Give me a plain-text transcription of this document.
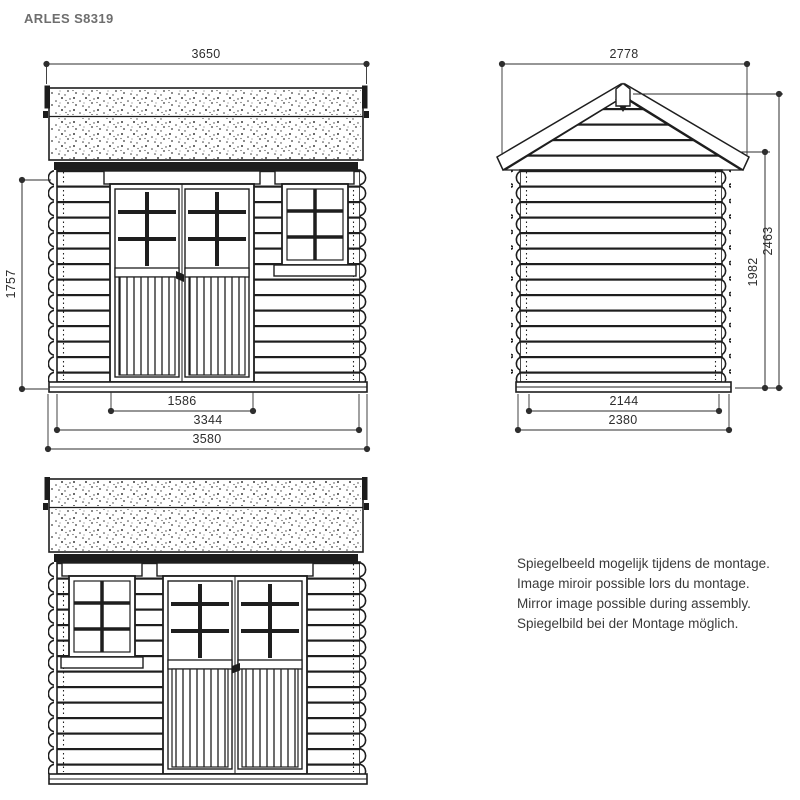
ARLES S8319
3650
1757
1586
3344
3580
2778
2463
1982
2144
2380
Spiegelbeeld mogelijk tijdens de montage.
Image miroir possible lors du montage.
Mirror image possible during assembly.
Spiegelbild bei der Montage möglich.
